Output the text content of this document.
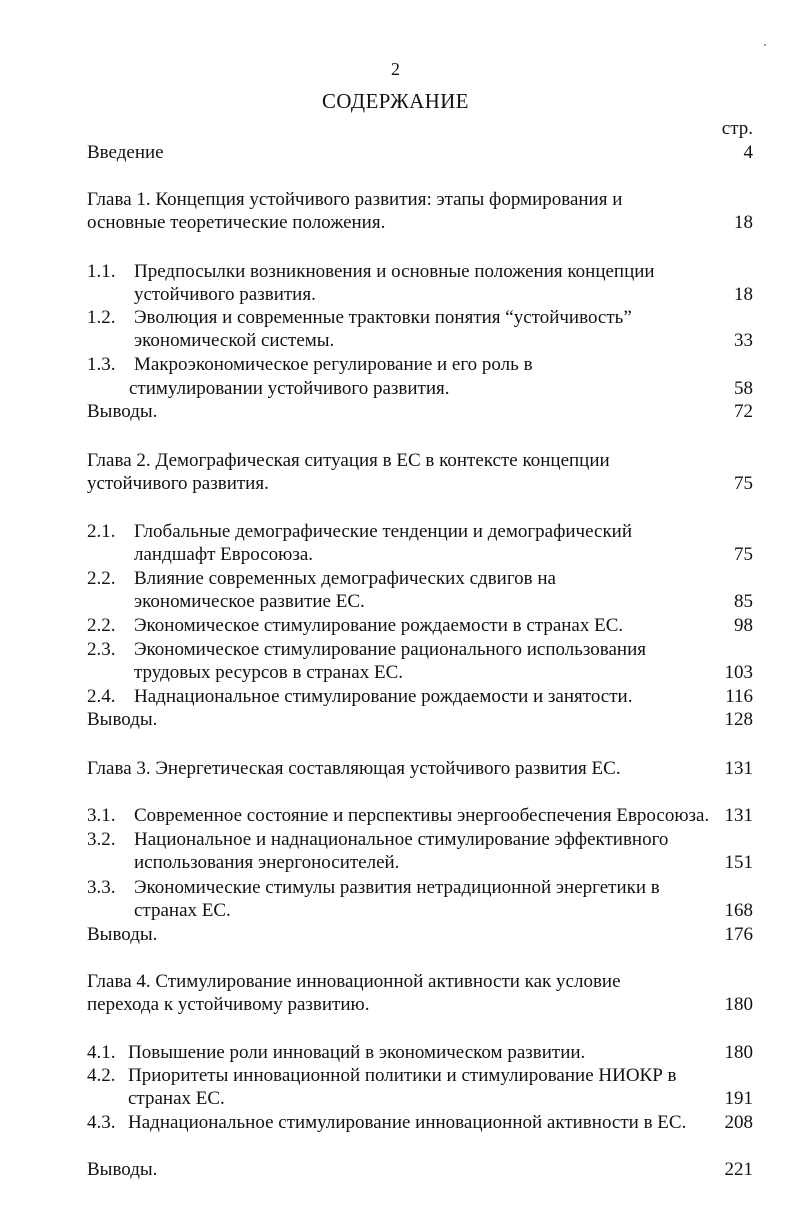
2
СОДЕРЖАНИЕ
стр.
Введение	4
Глава 1. Концепция устойчивого развития: этапы формирования и
основные теоретические положения.	18
1.1. Предпосылки возникновения и основные положения концепции
устойчивого развития.	18
1.2. Эволюция и современные трактовки понятия “устойчивость”
экономической системы.	33
1.3. Макроэкономическое регулирование и его роль в
стимулировании устойчивого развития.	58
Выводы.	72
Глава 2. Демографическая ситуация в ЕС в контексте концепции
устойчивого развития.	75
2.1. Глобальные демографические тенденции и демографический
ландшафт Евросоюза.	75
2.2. Влияние современных демографических сдвигов на
экономическое развитие ЕС.	85
2.2. Экономическое стимулирование рождаемости в странах ЕС.	98
2.3. Экономическое стимулирование рационального использования
трудовых ресурсов в странах ЕС.	103
2.4. Наднациональное стимулирование рождаемости и занятости.	116
Выводы.	128
Глава 3. Энергетическая составляющая устойчивого развития ЕС.	131
3.1. Современное состояние и перспективы энергообеспечения Евросоюза. 131
3.2. Национальное и наднациональное стимулирование эффективного
использования энергоносителей.	151
3.3. Экономические стимулы развития нетрадиционной энергетики в
странах ЕС.	168
Выводы.	176
Глава 4. Стимулирование инновационной активности как условие
перехода к устойчивому развитию.	180
4.1. Повышение роли инноваций в экономическом развитии.	180
4.2. Приоритеты инновационной политики и стимулирование НИОКР в
странах ЕС.	191
4.3. Наднациональное стимулирование инновационной активности в ЕС. 208
Выводы.	221
